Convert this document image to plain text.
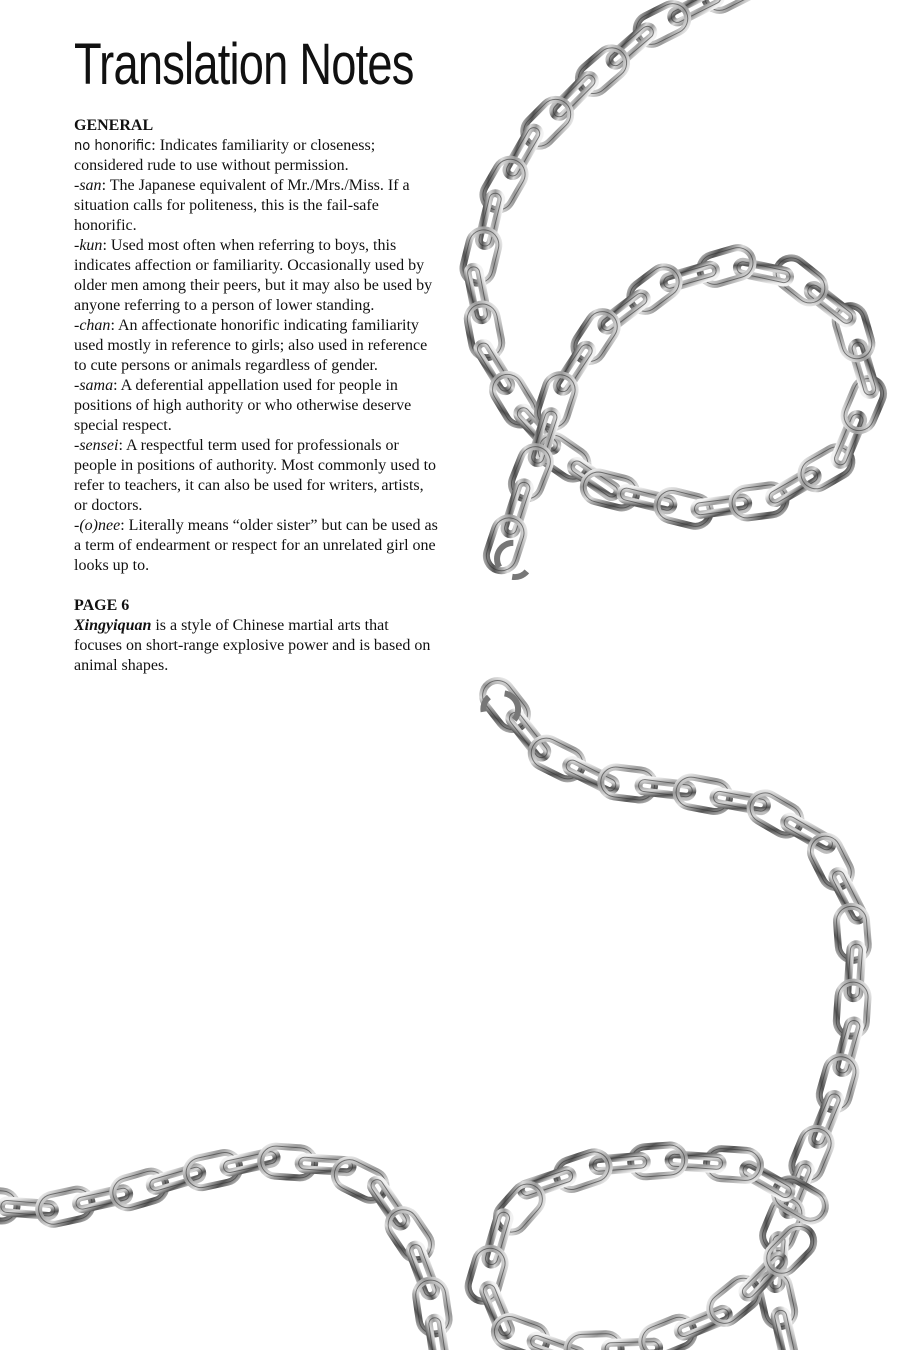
Translation Notes

GENERAL

no honorific: Indicates familiarity or closeness; considered rude to use without permission.

-san: The Japanese equivalent of Mr./Mrs./Miss. If a situation calls for politeness, this is the fail-safe honorific.

-kun: Used most often when referring to boys, this indicates affection or familiarity. Occasionally used by older men among their peers, but it may also be used by anyone referring to a person of lower standing.

-chan: An affectionate honorific indicating familiarity used mostly in reference to girls; also used in reference to cute persons or animals regardless of gender.

-sama: A deferential appellation used for people in positions of high authority or who otherwise deserve special respect.

-sensei: A respectful term used for professionals or people in positions of authority. Most commonly used to refer to teachers, it can also be used for writers, artists, or doctors.

-(o)nee: Literally means “older sister” but can be used as a term of endearment or respect for an unrelated girl one looks up to.

PAGE 6

Xingyiquan is a style of Chinese martial arts that focuses on short-range explosive power and is based on animal shapes.
